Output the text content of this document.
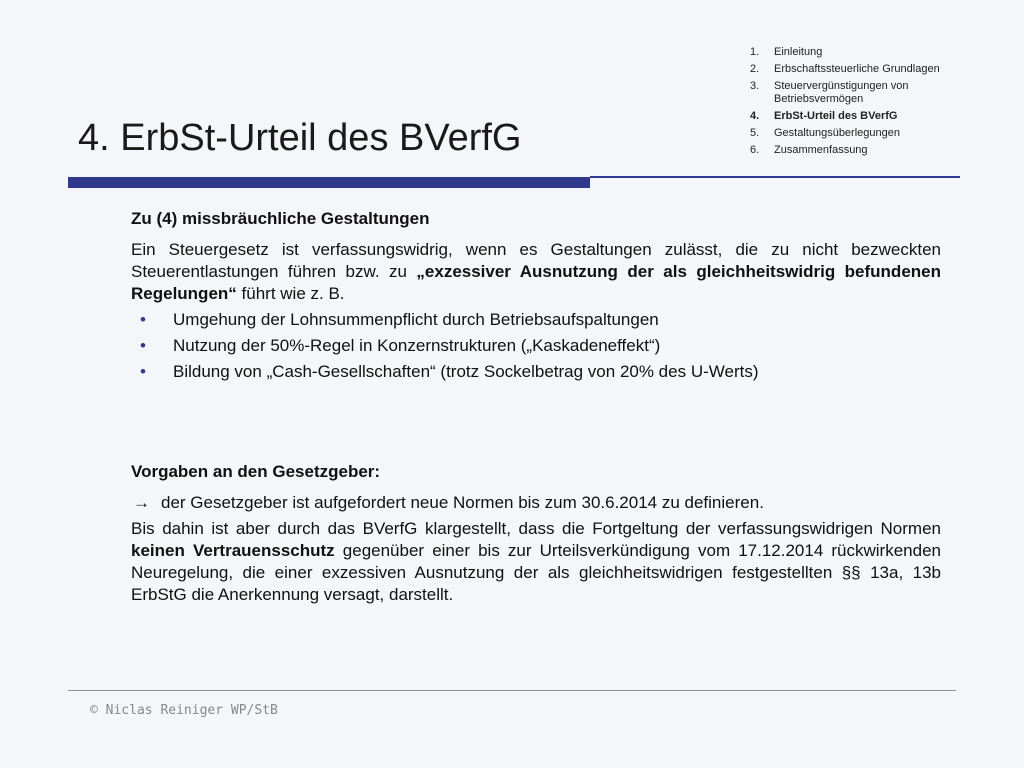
4. ErbSt-Urteil des BVerfG
1.	Einleitung
2.	Erbschaftssteuerliche Grundlagen
3.	Steuervergünstigungen von Betriebsvermögen
4.	ErbSt-Urteil des BVerfG
5.	Gestaltungsüberlegungen
6.	Zusammenfassung
Zu (4) missbräuchliche Gestaltungen
Ein Steuergesetz ist verfassungswidrig, wenn es Gestaltungen zulässt, die zu nicht bezweckten Steuerentlastungen führen bzw. zu „exzessiver Ausnutzung der als gleichheitswidrig befundenen Regelungen“ führt wie z. B.
• Umgehung der Lohnsummenpflicht durch Betriebsaufspaltungen
• Nutzung der 50%-Regel in Konzernstrukturen („Kaskadeneffekt“)
• Bildung von „Cash-Gesellschaften“ (trotz Sockelbetrag von 20% des U-Werts)
Vorgaben an den Gesetzgeber:
→ der Gesetzgeber ist aufgefordert neue Normen bis zum 30.6.2014 zu definieren.
Bis dahin ist aber durch das BVerfG klargestellt, dass die Fortgeltung der verfassungswidrigen Normen keinen Vertrauensschutz gegenüber einer bis zur Urteilsverkündigung vom 17.12.2014 rückwirkenden Neuregelung, die einer exzessiven Ausnutzung der als gleichheitswidrigen festgestellten §§ 13a, 13b ErbStG die Anerkennung versagt, darstellt.
© Niclas Reiniger WP/StB
